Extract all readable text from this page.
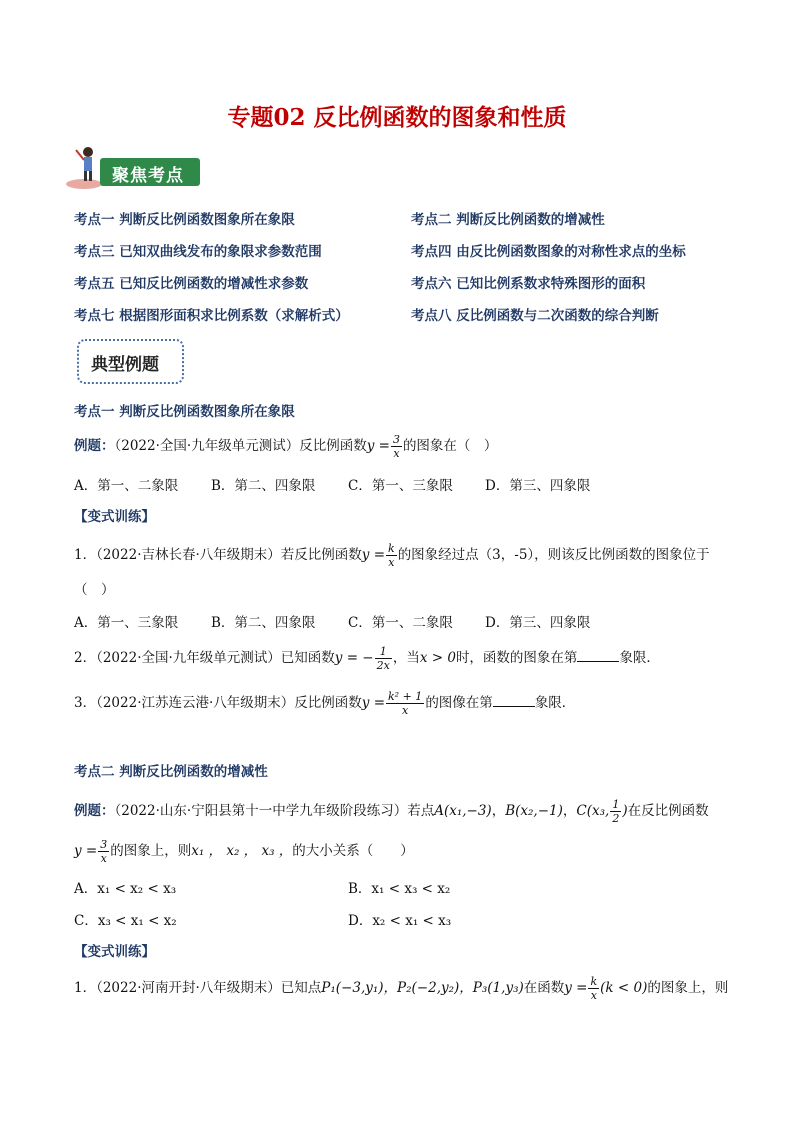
专题02 反比例函数的图象和性质
聚焦考点
考点一 判断反比例函数图象所在象限	考点二 判断反比例函数的增减性
考点三 已知双曲线发布的象限求参数范围	考点四 由反比例函数图象的对称性求点的坐标
考点五 已知反比例函数的增减性求参数	考点六 已知比例系数求特殊图形的面积
考点七 根据图形面积求比例系数（求解析式）	考点八 反比例函数与二次函数的综合判断
典型例题
考点一 判断反比例函数图象所在象限
例题：（2022·全国·九年级单元测试）反比例函数$y = \frac{3}{x}$ 的图象在（　）
A．第一、二象限 B．第二、四象限 C．第一、三象限 D．第三、四象限
【变式训练】
1．（2022·吉林长春·八年级期末）若反比例函数$y = \frac{k}{x}$ 的图象经过点（3，-5），则该反比例函数的图象位于
（　）
A．第一、三象限 B．第二、四象限 C．第一、二象限 D．第三、四象限
2．（2022·全国·九年级单元测试）已知函数y = − $\frac{1}{2x}$ ，当x > 0时，函数的图象在第	象限．
3．（2022·江苏连云港·八年级期末）反比例函数$y = \frac{\text{k² + 1}}{x}$ 的图像在第	象限．
考点二 判断反比例函数的增减性
例题：（2022·山东·宁阳县第十一中学九年级阶段练习）若点A(x₁,−3)，B(x₂,−1)，C(x₃, $\frac{1}{2}$ )在反比例函数
$y = \frac{3}{x}$ 的图象上，则x₁ ， x₂ ， x₃ ，的大小关系（　　）
A．x₁ < x₂ < x₃	B．x₁ < x₃ < x₂
C．x₃ < x₁ < x₂	D．x₂ < x₁ < x₃
【变式训练】
1．（2022·河南开封·八年级期末）已知点P₁(−3,y₁)，P₂(−2,y₂)，P₃(1,y₃)在函数$y = \frac{k}{x} (k < 0)$的图象上，则
